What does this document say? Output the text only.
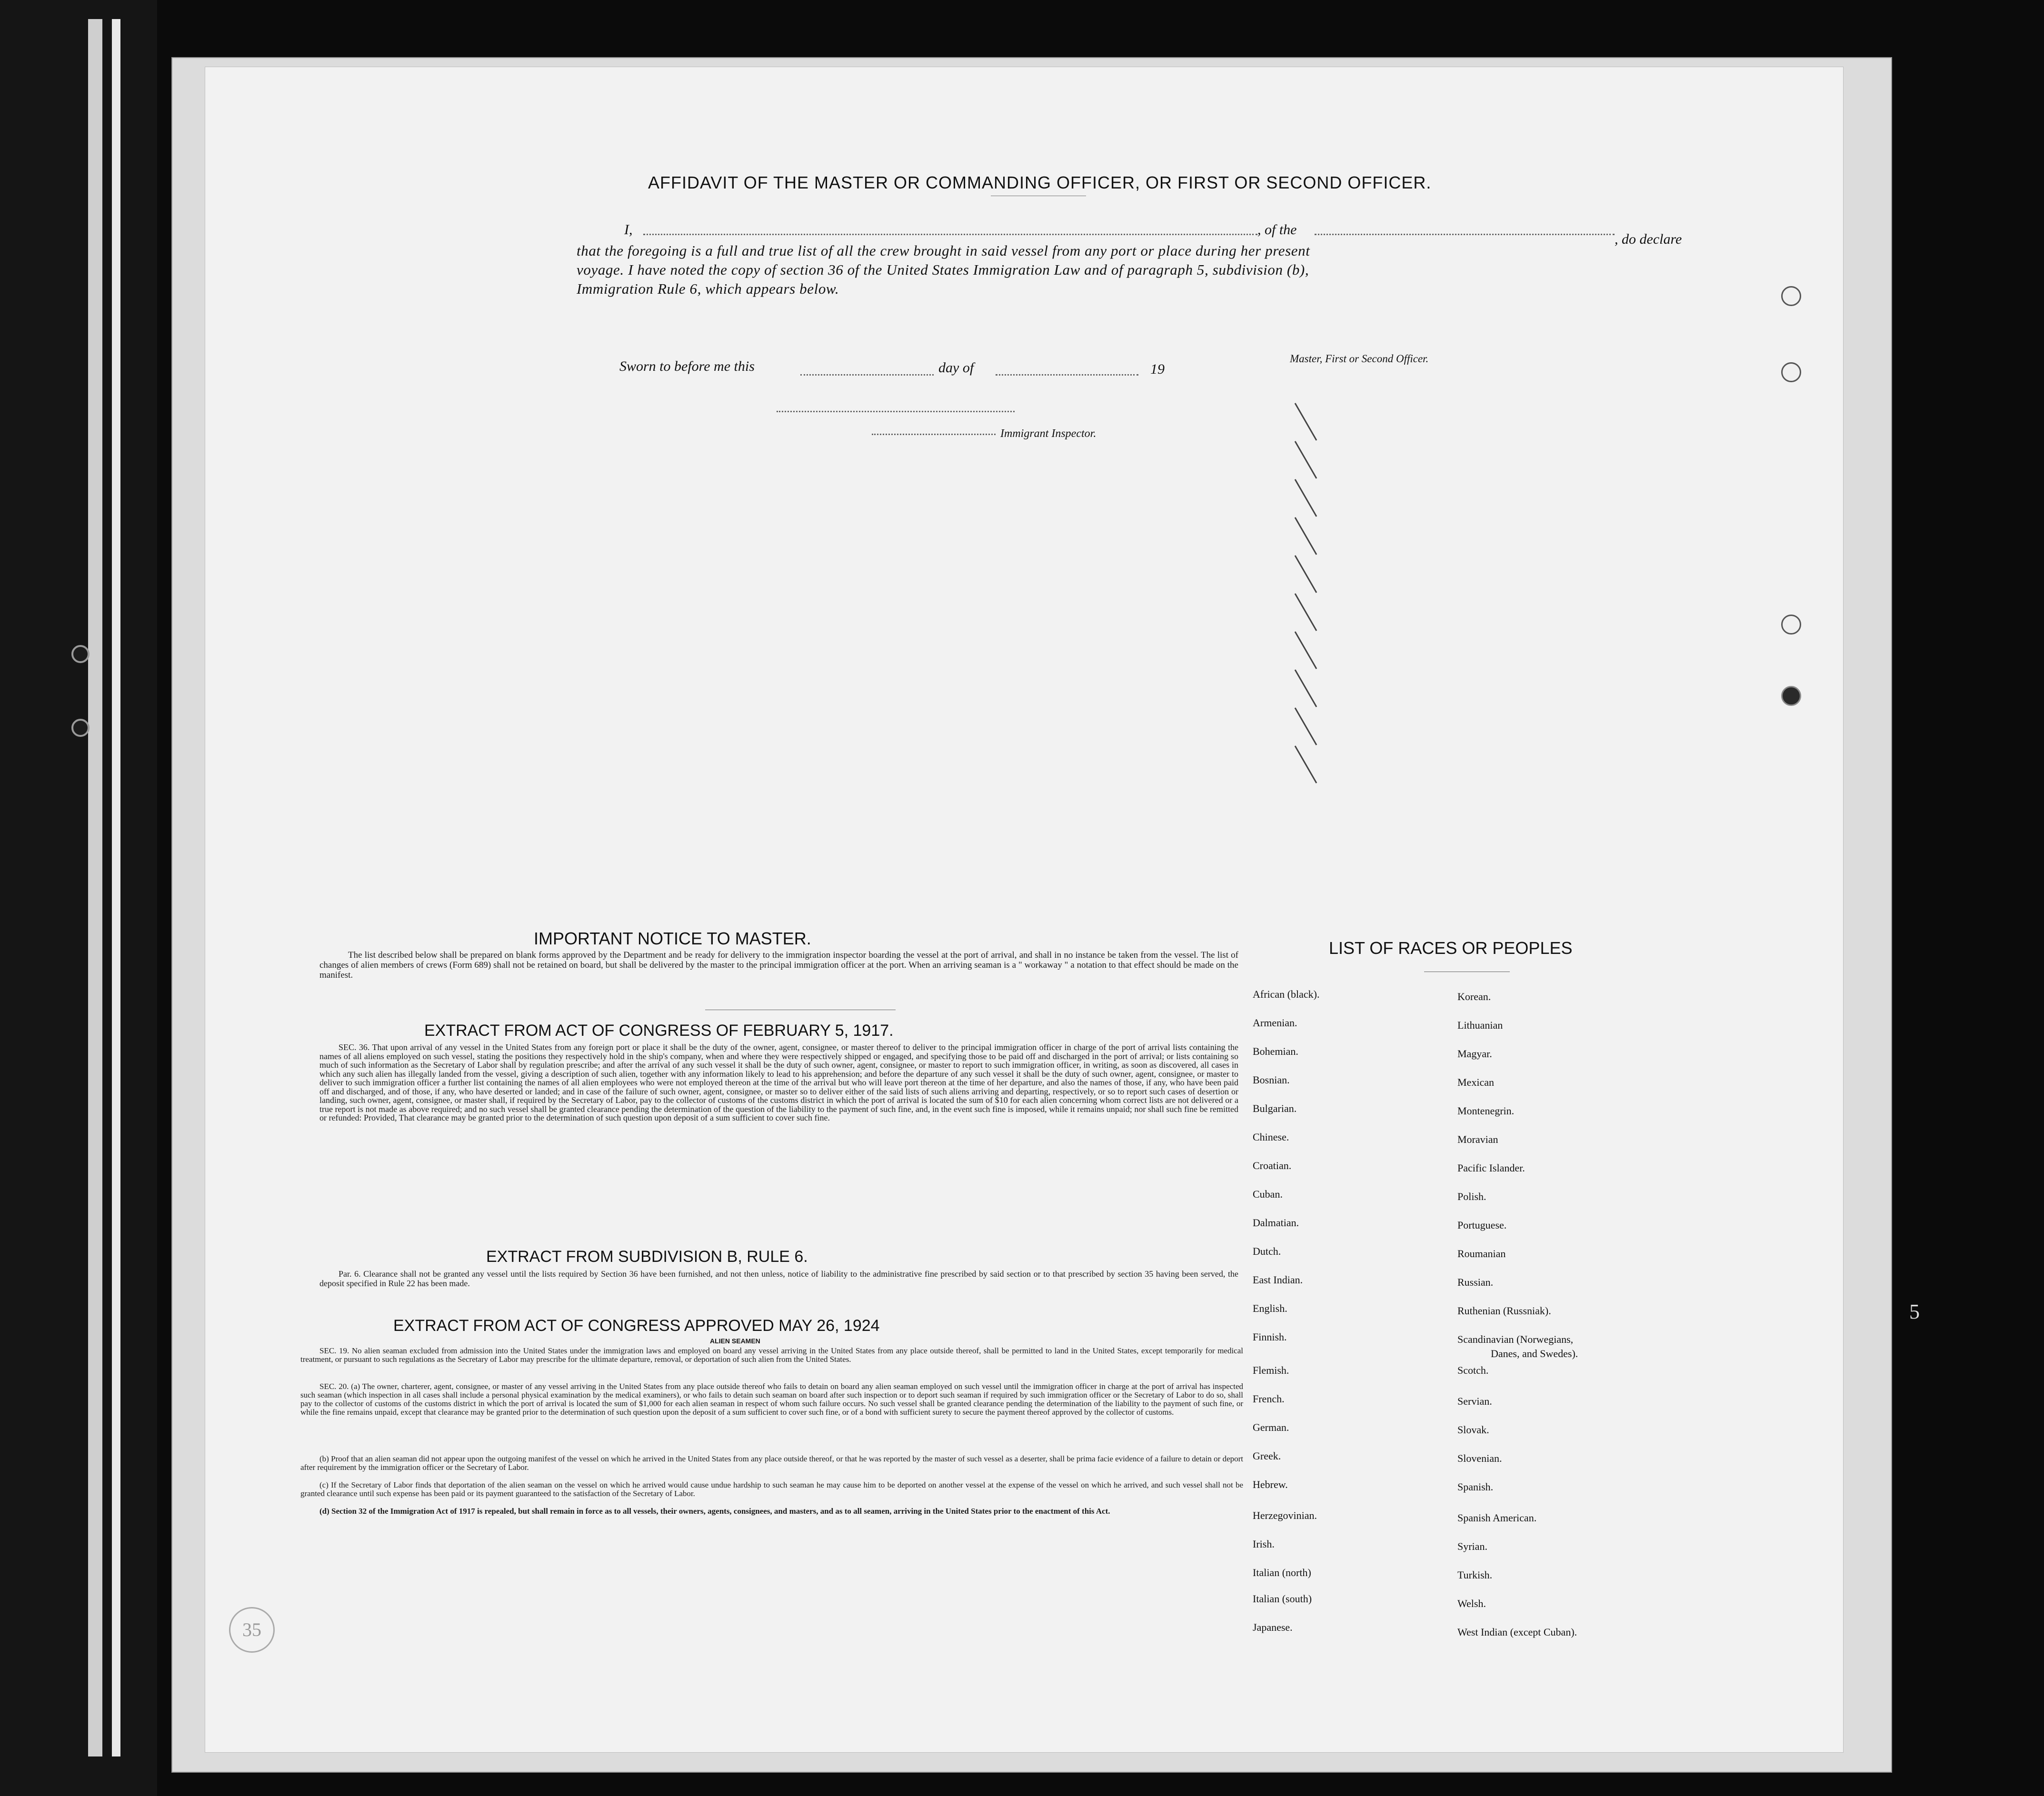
AFFIDAVIT OF THE MASTER OR COMMANDING OFFICER, OR FIRST OR SECOND OFFICER.
I,	, of the
, do declare
that the foregoing is a full and true list of all the crew brought in said vessel from any port or place during her present
voyage. I have noted the copy of section 36 of the United States Immigration Law and of paragraph 5, subdivision (b),
Immigration Rule 6, which appears below.
Master, First or Second Officer.
Sworn to before me this	day of	19
Immigrant Inspector.
IMPORTANT NOTICE TO MASTER.
The list described below shall be prepared on blank forms approved by the Department and be ready for delivery to the immigration inspector boarding the vessel at the port of arrival, and shall in no instance be taken from the vessel. The list of changes of alien members of crews (Form 689) shall not be retained on board, but shall be delivered by the master to the principal immigration officer at the port. When an arriving seaman is a " workaway " a notation to that effect should be made on the manifest.
EXTRACT FROM ACT OF CONGRESS OF FEBRUARY 5, 1917.
SEC. 36. That upon arrival of any vessel in the United States from any foreign port or place it shall be the duty of the owner, agent, consignee, or master thereof to deliver to the principal immigration officer in charge of the port of arrival lists containing the names of all aliens employed on such vessel, stating the positions they respectively hold in the ship's company, when and where they were respectively shipped or engaged, and specifying those to be paid off and discharged in the port of arrival; or lists containing so much of such information as the Secretary of Labor shall by regulation prescribe; and after the arrival of any such vessel it shall be the duty of such owner, agent, consignee, or master to report to such immigration officer, in writing, as soon as discovered, all cases in which any such alien has illegally landed from the vessel, giving a description of such alien, together with any information likely to lead to his apprehension; and before the departure of any such vessel it shall be the duty of such owner, agent, consignee, or master to deliver to such immigration officer a further list containing the names of all alien employees who were not employed thereon at the time of the arrival but who will leave port thereon at the time of her departure, and also the names of those, if any, who have been paid off and discharged, and of those, if any, who have deserted or landed; and in case of the failure of such owner, agent, consignee, or master so to deliver either of the said lists of such aliens arriving and departing, respectively, or so to report such cases of desertion or landing, such owner, agent, consignee, or master shall, if required by the Secretary of Labor, pay to the collector of customs of the customs district in which the port of arrival is located the sum of $10 for each alien concerning whom correct lists are not delivered or a true report is not made as above required; and no such vessel shall be granted clearance pending the determination of the question of the liability to the payment of such fine, and, in the event such fine is imposed, while it remains unpaid; nor shall such fine be remitted or refunded: Provided, That clearance may be granted prior to the determination of such question upon deposit of a sum sufficient to cover such fine.
EXTRACT FROM SUBDIVISION B, RULE 6.
Par. 6. Clearance shall not be granted any vessel until the lists required by Section 36 have been furnished, and not then unless, notice of liability to the administrative fine prescribed by said section or to that prescribed by section 35 having been served, the deposit specified in Rule 22 has been made.
EXTRACT FROM ACT OF CONGRESS APPROVED MAY 26, 1924
ALIEN SEAMEN
SEC. 19. No alien seaman excluded from admission into the United States under the immigration laws and employed on board any vessel arriving in the United States from any place outside thereof, shall be permitted to land in the United States, except temporarily for medical treatment, or pursuant to such regulations as the Secretary of Labor may prescribe for the ultimate departure, removal, or deportation of such alien from the United States.
SEC. 20. (a) The owner, charterer, agent, consignee, or master of any vessel arriving in the United States from any place outside thereof who fails to detain on board any alien seaman employed on such vessel until the immigration officer in charge at the port of arrival has inspected such seaman (which inspection in all cases shall include a personal physical examination by the medical examiners), or who fails to detain such seaman on board after such inspection or to deport such seaman if required by such immigration officer or the Secretary of Labor to do so, shall pay to the collector of customs of the customs district in which the port of arrival is located the sum of $1,000 for each alien seaman in respect of whom such failure occurs. No such vessel shall be granted clearance pending the determination of the liability to the payment of such fine, or while the fine remains unpaid, except that clearance may be granted prior to the determination of such question upon the deposit of a sum sufficient to cover such fine, or of a bond with sufficient surety to secure the payment thereof approved by the collector of customs.
(b) Proof that an alien seaman did not appear upon the outgoing manifest of the vessel on which he arrived in the United States from any place outside thereof, or that he was reported by the master of such vessel as a deserter, shall be prima facie evidence of a failure to detain or deport after requirement by the immigration officer or the Secretary of Labor.
(c) If the Secretary of Labor finds that deportation of the alien seaman on the vessel on which he arrived would cause undue hardship to such seaman he may cause him to be deported on another vessel at the expense of the vessel on which he arrived, and such vessel shall not be granted clearance until such expense has been paid or its payment guaranteed to the satisfaction of the Secretary of Labor.
(d) Section 32 of the Immigration Act of 1917 is repealed, but shall remain in force as to all vessels, their owners, agents, consignees, and masters, and as to all seamen, arriving in the United States prior to the enactment of this Act.
LIST OF RACES OR PEOPLES
African (black).
Armenian.
Bohemian.
Bosnian.
Bulgarian.
Chinese.
Croatian.
Cuban.
Dalmatian.
Dutch.
East Indian.
English.
Finnish.
Flemish.
French.
German.
Greek.
Hebrew.
Herzegovinian.
Irish.
Italian (north)
Italian (south)
Japanese.
Korean.
Lithuanian
Magyar.
Mexican
Montenegrin.
Moravian
Pacific Islander.
Polish.
Portuguese.
Roumanian
Russian.
Ruthenian (Russniak).
Scandinavian (Norwegians,
Danes, and Swedes).
Scotch.
Servian.
Slovak.
Slovenian.
Spanish.
Spanish American.
Syrian.
Turkish.
Welsh.
West Indian (except Cuban).
35
5
